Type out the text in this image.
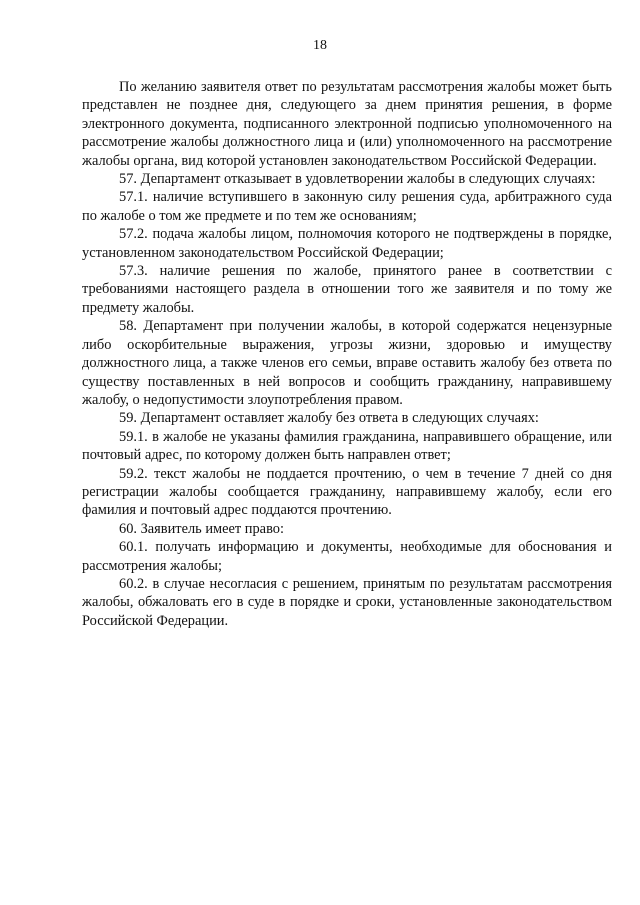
18

По желанию заявителя ответ по результатам рассмотрения жалобы может быть представлен не позднее дня, следующего за днем принятия решения, в форме электронного документа, подписанного электронной подписью уполномоченного на рассмотрение жалобы должностного лица и (или) уполномоченного на рассмотрение жалобы органа, вид которой установлен законодательством Российской Федерации.

57. Департамент отказывает в удовлетворении жалобы в следующих случаях:

57.1. наличие вступившего в законную силу решения суда, арбитражного суда по жалобе о том же предмете и по тем же основаниям;

57.2. подача жалобы лицом, полномочия которого не подтверждены в порядке, установленном законодательством Российской Федерации;

57.3. наличие решения по жалобе, принятого ранее в соответствии с требованиями настоящего раздела в отношении того же заявителя и по тому же предмету жалобы.

58. Департамент при получении жалобы, в которой содержатся нецензурные либо оскорбительные выражения, угрозы жизни, здоровью и имуществу должностного лица, а также членов его семьи, вправе оставить жалобу без ответа по существу поставленных в ней вопросов и сообщить гражданину, направившему жалобу, о недопустимости злоупотребления правом.

59. Департамент оставляет жалобу без ответа в следующих случаях:

59.1. в жалобе не указаны фамилия гражданина, направившего обращение, или почтовый адрес, по которому должен быть направлен ответ;

59.2. текст жалобы не поддается прочтению, о чем в течение 7 дней со дня регистрации жалобы сообщается гражданину, направившему жалобу, если его фамилия и почтовый адрес поддаются прочтению.

60. Заявитель имеет право:

60.1. получать информацию и документы, необходимые для обоснования и рассмотрения жалобы;

60.2. в случае несогласия с решением, принятым по результатам рассмотрения жалобы, обжаловать его в суде в порядке и сроки, установленные законодательством Российской Федерации.
